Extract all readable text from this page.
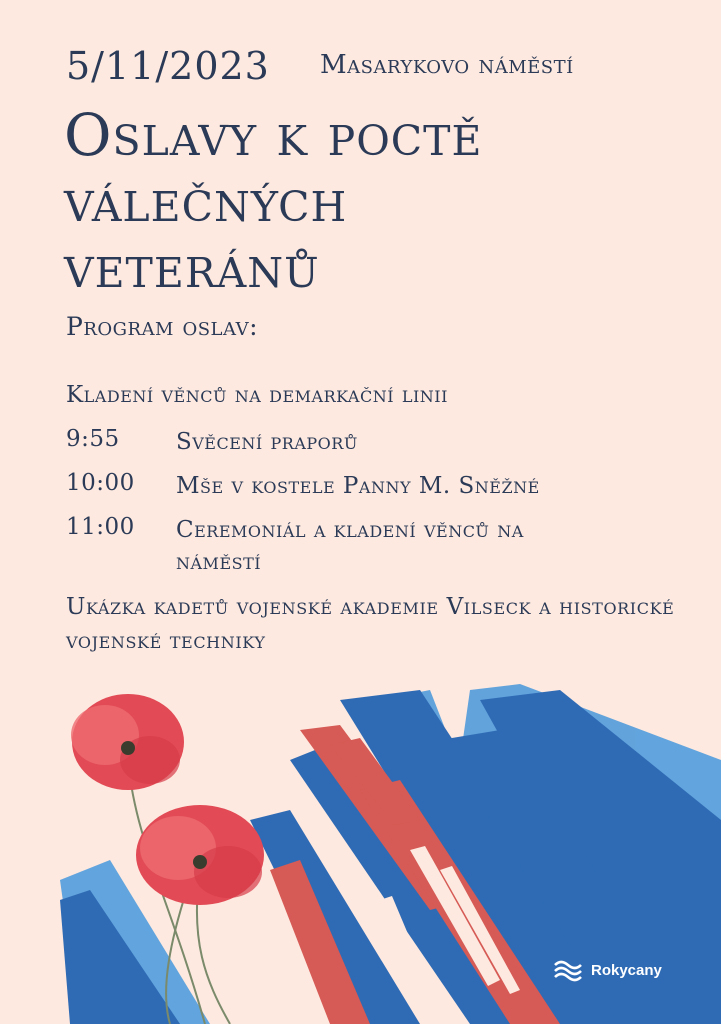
5/11/2023 Masarykovo náměstí
Oslavy k poctě
válečných
veteránů
Program oslav:
Kladení věnců na demarkační linii
9:55	Svěcení praporů
10:00	Mše v kostele Panny M. Sněžné
11:00	Ceremoniál a kladení věnců na náměstí
Ukázka kadetů vojenské akademie Vilseck a historické vojenské techniky
Rokycany
